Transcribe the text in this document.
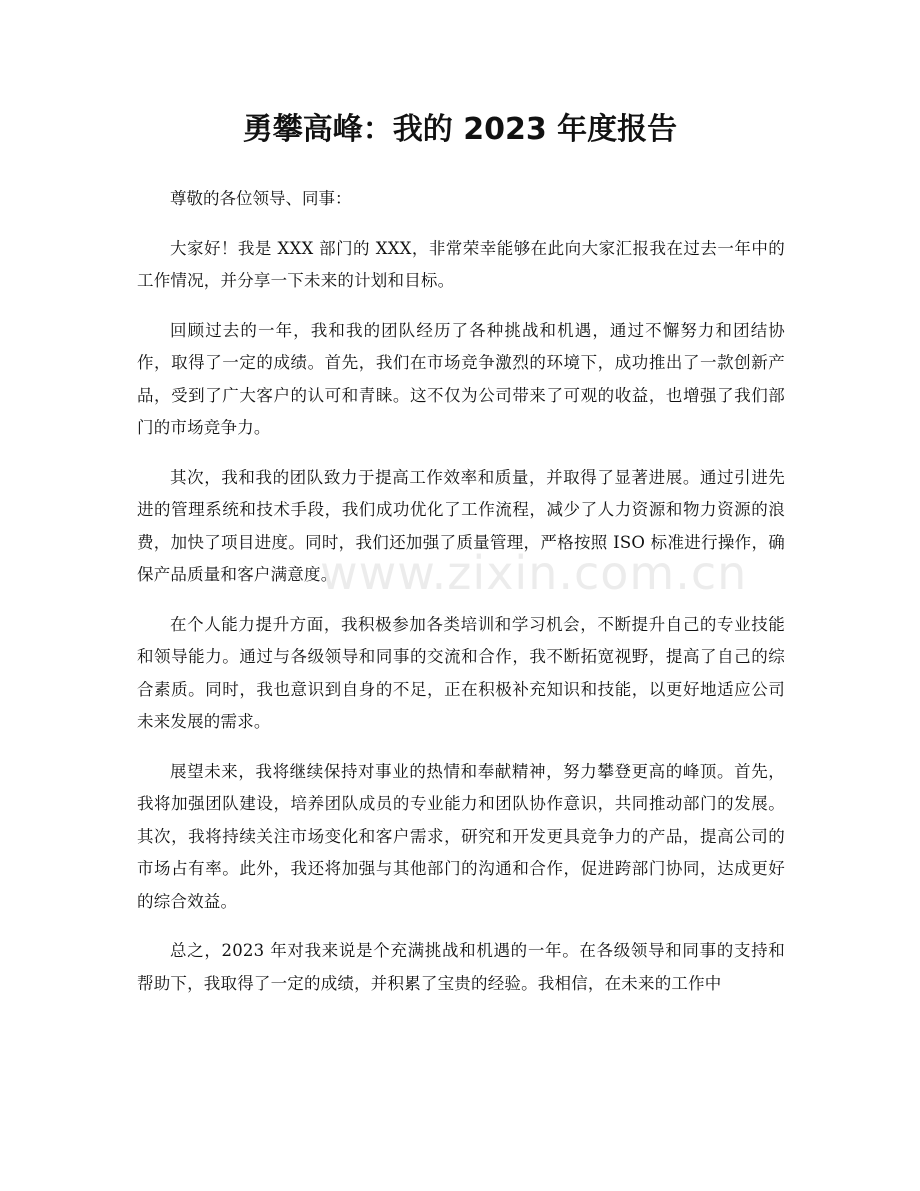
勇攀高峰：我的 2023 年度报告

尊敬的各位领导、同事：

大家好！我是 XXX 部门的 XXX，非常荣幸能够在此向大家汇报我在过去一年中的工作情况，并分享一下未来的计划和目标。

回顾过去的一年，我和我的团队经历了各种挑战和机遇，通过不懈努力和团结协作，取得了一定的成绩。首先，我们在市场竞争激烈的环境下，成功推出了一款创新产品，受到了广大客户的认可和青睐。这不仅为公司带来了可观的收益，也增强了我们部门的市场竞争力。

其次，我和我的团队致力于提高工作效率和质量，并取得了显著进展。通过引进先进的管理系统和技术手段，我们成功优化了工作流程，减少了人力资源和物力资源的浪费，加快了项目进度。同时，我们还加强了质量管理，严格按照 ISO 标准进行操作，确保产品质量和客户满意度。

在个人能力提升方面，我积极参加各类培训和学习机会，不断提升自己的专业技能和领导能力。通过与各级领导和同事的交流和合作，我不断拓宽视野，提高了自己的综合素质。同时，我也意识到自身的不足，正在积极补充知识和技能，以更好地适应公司未来发展的需求。

展望未来，我将继续保持对事业的热情和奉献精神，努力攀登更高的峰顶。首先，我将加强团队建设，培养团队成员的专业能力和团队协作意识，共同推动部门的发展。其次，我将持续关注市场变化和客户需求，研究和开发更具竞争力的产品，提高公司的市场占有率。此外，我还将加强与其他部门的沟通和合作，促进跨部门协同，达成更好的综合效益。

总之，2023 年对我来说是个充满挑战和机遇的一年。在各级领导和同事的支持和帮助下，我取得了一定的成绩，并积累了宝贵的经验。我相信，在未来的工作中

www.zixin.com.cn
